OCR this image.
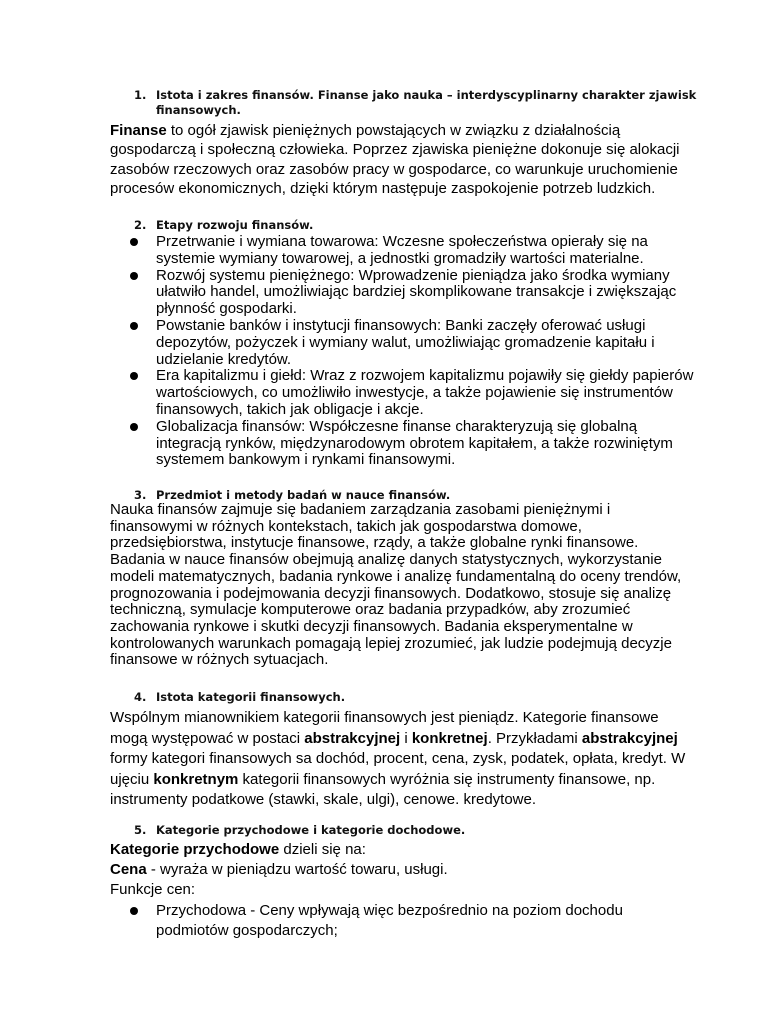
1. Istota i zakres finansów. Finanse jako nauka – interdyscyplinarny charakter zjawisk
finansowych.
Finanse to ogół zjawisk pieniężnych powstających w związku z działalnością
gospodarczą i społeczną człowieka. Poprzez zjawiska pieniężne dokonuje się alokacji
zasobów rzeczowych oraz zasobów pracy w gospodarce, co warunkuje uruchomienie
procesów ekonomicznych, dzięki którym następuje zaspokojenie potrzeb ludzkich.
2. Etapy rozwoju finansów.
Przetrwanie i wymiana towarowa: Wczesne społeczeństwa opierały się na
systemie wymiany towarowej, a jednostki gromadziły wartości materialne.
Rozwój systemu pieniężnego: Wprowadzenie pieniądza jako środka wymiany
ułatwiło handel, umożliwiając bardziej skomplikowane transakcje i zwiększając
płynność gospodarki.
Powstanie banków i instytucji finansowych: Banki zaczęły oferować usługi
depozytów, pożyczek i wymiany walut, umożliwiając gromadzenie kapitału i
udzielanie kredytów.
Era kapitalizmu i giełd: Wraz z rozwojem kapitalizmu pojawiły się giełdy papierów
wartościowych, co umożliwiło inwestycje, a także pojawienie się instrumentów
finansowych, takich jak obligacje i akcje.
Globalizacja finansów: Współczesne finanse charakteryzują się globalną
integracją rynków, międzynarodowym obrotem kapitałem, a także rozwiniętym
systemem bankowym i rynkami finansowymi.
3. Przedmiot i metody badań w nauce finansów.
Nauka finansów zajmuje się badaniem zarządzania zasobami pieniężnymi i
finansowymi w różnych kontekstach, takich jak gospodarstwa domowe,
przedsiębiorstwa, instytucje finansowe, rządy, a także globalne rynki finansowe.
Badania w nauce finansów obejmują analizę danych statystycznych, wykorzystanie
modeli matematycznych, badania rynkowe i analizę fundamentalną do oceny trendów,
prognozowania i podejmowania decyzji finansowych. Dodatkowo, stosuje się analizę
techniczną, symulacje komputerowe oraz badania przypadków, aby zrozumieć
zachowania rynkowe i skutki decyzji finansowych. Badania eksperymentalne w
kontrolowanych warunkach pomagają lepiej zrozumieć, jak ludzie podejmują decyzje
finansowe w różnych sytuacjach.
4. Istota kategorii finansowych.
Wspólnym mianownikiem kategorii finansowych jest pieniądz. Kategorie finansowe
mogą występować w postaci abstrakcyjnej i konkretnej. Przykładami abstrakcyjnej
formy kategori finansowych sa dochód, procent, cena, zysk, podatek, opłata, kredyt. W
ujęciu konkretnym kategorii finansowych wyróżnia się instrumenty finansowe, np.
instrumenty podatkowe (stawki, skale, ulgi), cenowe. kredytowe.
5. Kategorie przychodowe i kategorie dochodowe.
Kategorie przychodowe dzieli się na:
Cena - wyraża w pieniądzu wartość towaru, usługi.
Funkcje cen:
Przychodowa - Ceny wpływają więc bezpośrednio na poziom dochodu
podmiotów gospodarczych;
